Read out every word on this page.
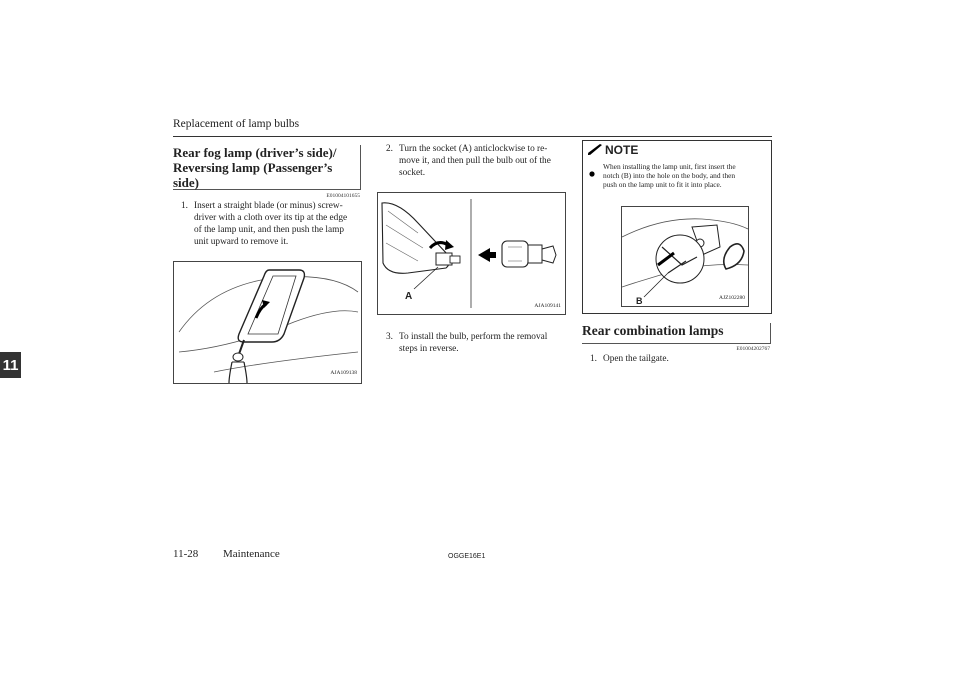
Replacement of lamp bulbs
11
Rear fog lamp (driver’s side)/
Reversing lamp (Passenger’s
side)
E01004101655
1. Insert a straight blade (or minus) screw-
driver with a cloth over its tip at the edge
of the lamp unit, and then push the lamp
unit upward to remove it.
AJA109138
2. Turn the socket (A) anticlockwise to re-
move it, and then pull the bulb out of the
socket.
A
AJA109141
3. To install the bulb, perform the removal
steps in reverse.
NOTE
When installing the lamp unit, first insert the
notch (B) into the hole on the body, and then
push on the lamp unit to fit it into place.
B	AJZ102280
Rear combination lamps
E01004202767
1. Open the tailgate.
11-28 Maintenance	OGGE16E1
